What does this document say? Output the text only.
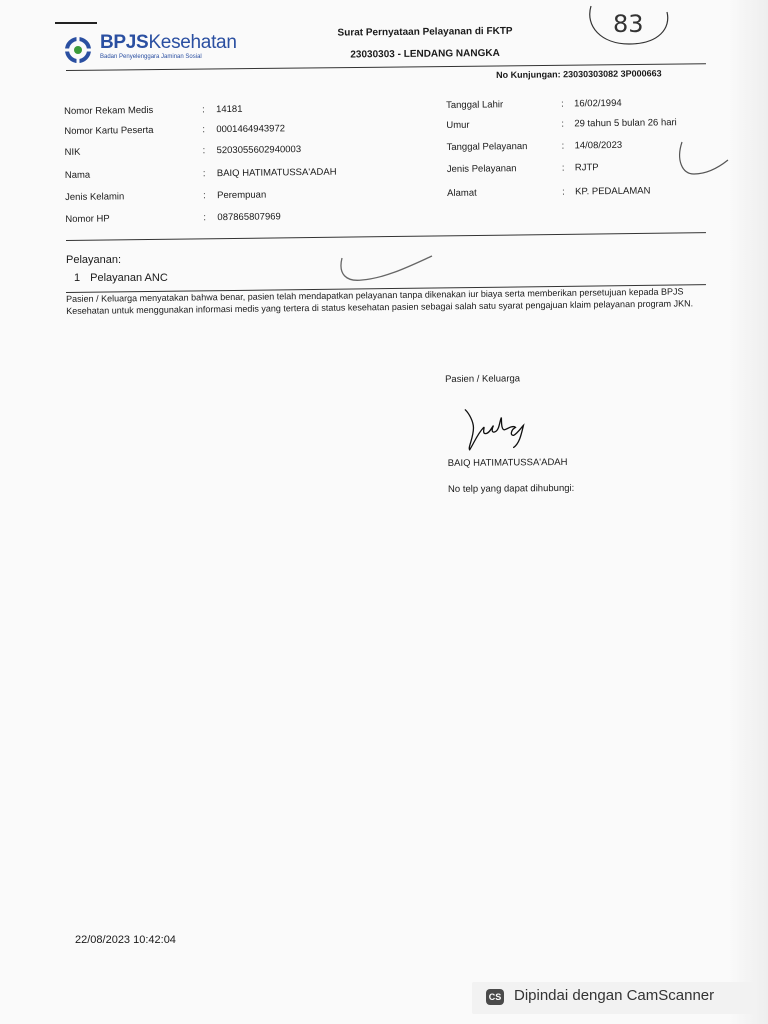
BPJSKesehatan
Badan Penyelenggara Jaminan Sosial
Surat Pernyataan Pelayanan di FKTP
23030303 - LENDANG NANGKA
83
No Kunjungan: 23030303082 3P000663
Nomor Rekam Medis	: 14181
Nomor Kartu Peserta	: 0001464943972
NIK	: 5203055602940003
Nama	: BAIQ HATIMATUSSA'ADAH
Jenis Kelamin	: Perempuan
Nomor HP	: 087865807969
Tanggal Lahir	: 16/02/1994
Umur	: 29 tahun 5 bulan 26 hari
Tanggal Pelayanan	: 14/08/2023
Jenis Pelayanan	: RJTP
Alamat	: KP. PEDALAMAN
Pelayanan:
1 Pelayanan ANC
Pasien / Keluarga menyatakan bahwa benar, pasien telah mendapatkan pelayanan tanpa dikenakan iur biaya serta memberikan persetujuan kepada BPJS Kesehatan untuk menggunakan informasi medis yang tertera di status kesehatan pasien sebagai salah satu syarat pengajuan klaim pelayanan program JKN.
Pasien / Keluarga
BAIQ HATIMATUSSA'ADAH
No telp yang dapat dihubungi:
22/08/2023 10:42:04
CS Dipindai dengan CamScanner
